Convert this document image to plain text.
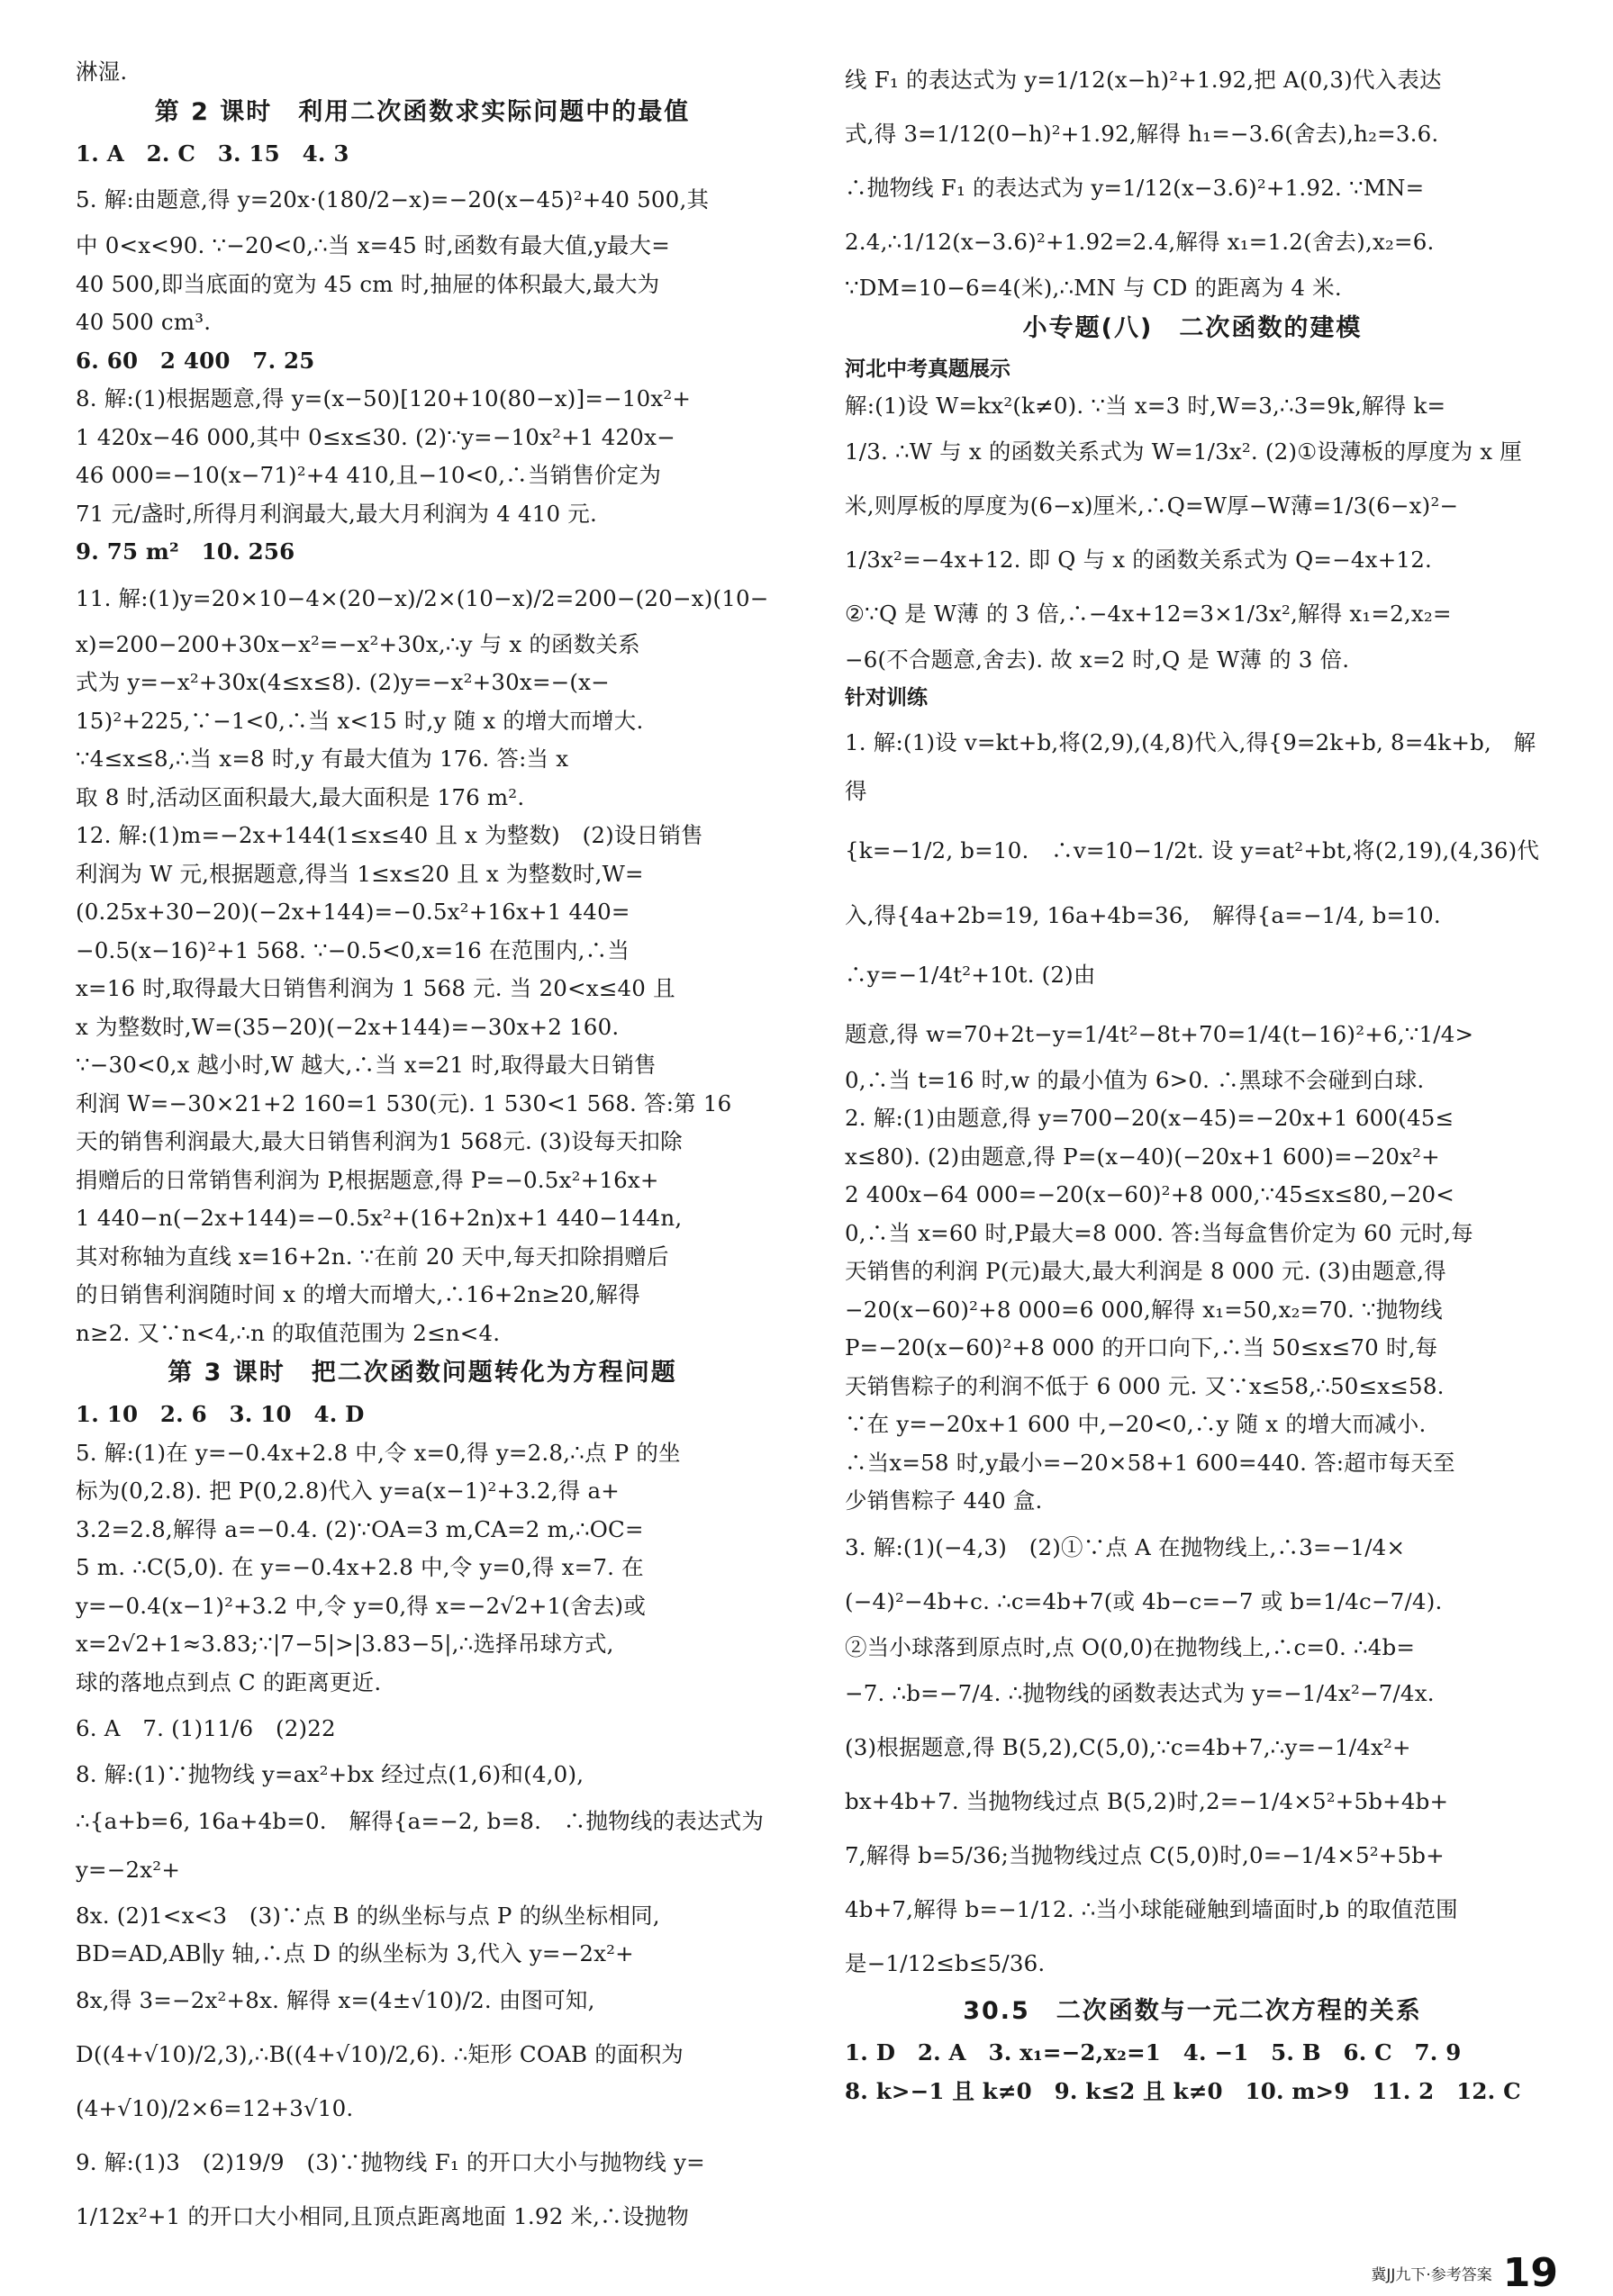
淋湿.
第 2 课时　利用二次函数求实际问题中的最值
1. A　2. C　3. 15　4. 3
5. 解:由题意,得 y=20x·(180/2−x)=−20(x−45)²+40 500,其
中 0<x<90. ∵−20<0,∴当 x=45 时,函数有最大值,y最大=
40 500,即当底面的宽为 45 cm 时,抽屉的体积最大,最大为
40 500 cm³.
6. 60　2 400　7. 25
8. 解:(1)根据题意,得 y=(x−50)[120+10(80−x)]=−10x²+
1 420x−46 000,其中 0≤x≤30. (2)∵y=−10x²+1 420x−
46 000=−10(x−71)²+4 410,且−10<0,∴当销售价定为
71 元/盏时,所得月利润最大,最大月利润为 4 410 元.
9. 75 m²　10. 256
11. 解:(1)y=20×10−4×(20−x)/2×(10−x)/2=200−(20−x)(10−
x)=200−200+30x−x²=−x²+30x,∴y 与 x 的函数关系
式为 y=−x²+30x(4≤x≤8). (2)y=−x²+30x=−(x−
15)²+225,∵−1<0,∴当 x<15 时,y 随 x 的增大而增大.
∵4≤x≤8,∴当 x=8 时,y 有最大值为 176. 答:当 x
取 8 时,活动区面积最大,最大面积是 176 m².
12. 解:(1)m=−2x+144(1≤x≤40 且 x 为整数)　(2)设日销售
利润为 W 元,根据题意,得当 1≤x≤20 且 x 为整数时,W=
(0.25x+30−20)(−2x+144)=−0.5x²+16x+1 440=
−0.5(x−16)²+1 568. ∵−0.5<0,x=16 在范围内,∴当
x=16 时,取得最大日销售利润为 1 568 元. 当 20<x≤40 且
x 为整数时,W=(35−20)(−2x+144)=−30x+2 160.
∵−30<0,x 越小时,W 越大,∴当 x=21 时,取得最大日销售
利润 W=−30×21+2 160=1 530(元). 1 530<1 568. 答:第 16
天的销售利润最大,最大日销售利润为1 568元. (3)设每天扣除
捐赠后的日常销售利润为 P,根据题意,得 P=−0.5x²+16x+
1 440−n(−2x+144)=−0.5x²+(16+2n)x+1 440−144n,
其对称轴为直线 x=16+2n. ∵在前 20 天中,每天扣除捐赠后
的日销售利润随时间 x 的增大而增大,∴16+2n≥20,解得
n≥2. 又∵n<4,∴n 的取值范围为 2≤n<4.
第 3 课时　把二次函数问题转化为方程问题
1. 10　2. 6　3. 10　4. D
5. 解:(1)在 y=−0.4x+2.8 中,令 x=0,得 y=2.8,∴点 P 的坐
标为(0,2.8). 把 P(0,2.8)代入 y=a(x−1)²+3.2,得 a+
3.2=2.8,解得 a=−0.4. (2)∵OA=3 m,CA=2 m,∴OC=
5 m. ∴C(5,0). 在 y=−0.4x+2.8 中,令 y=0,得 x=7. 在
y=−0.4(x−1)²+3.2 中,令 y=0,得 x=−2√2+1(舍去)或
x=2√2+1≈3.83;∵|7−5|>|3.83−5|,∴选择吊球方式,
球的落地点到点 C 的距离更近.
6. A　7. (1)11/6　(2)22
8. 解:(1)∵抛物线 y=ax²+bx 经过点(1,6)和(4,0),
∴{a+b=6, 16a+4b=0.　解得{a=−2, b=8.　∴抛物线的表达式为 y=−2x²+
8x. (2)1<x<3　(3)∵点 B 的纵坐标与点 P 的纵坐标相同,
BD=AD,AB∥y 轴,∴点 D 的纵坐标为 3,代入 y=−2x²+
8x,得 3=−2x²+8x. 解得 x=(4±√10)/2. 由图可知,
D((4+√10)/2,3),∴B((4+√10)/2,6). ∴矩形 COAB 的面积为
(4+√10)/2×6=12+3√10.
9. 解:(1)3　(2)19/9　(3)∵抛物线 F₁ 的开口大小与抛物线 y=
1/12x²+1 的开口大小相同,且顶点距离地面 1.92 米,∴设抛物
线 F₁ 的表达式为 y=1/12(x−h)²+1.92,把 A(0,3)代入表达
式,得 3=1/12(0−h)²+1.92,解得 h₁=−3.6(舍去),h₂=3.6.
∴抛物线 F₁ 的表达式为 y=1/12(x−3.6)²+1.92. ∵MN=
2.4,∴1/12(x−3.6)²+1.92=2.4,解得 x₁=1.2(舍去),x₂=6.
∵DM=10−6=4(米),∴MN 与 CD 的距离为 4 米.
小专题(八)　二次函数的建模
河北中考真题展示
解:(1)设 W=kx²(k≠0). ∵当 x=3 时,W=3,∴3=9k,解得 k=
1/3. ∴W 与 x 的函数关系式为 W=1/3x². (2)①设薄板的厚度为 x 厘
米,则厚板的厚度为(6−x)厘米,∴Q=W厚−W薄=1/3(6−x)²−
1/3x²=−4x+12. 即 Q 与 x 的函数关系式为 Q=−4x+12.
②∵Q 是 W薄 的 3 倍,∴−4x+12=3×1/3x²,解得 x₁=2,x₂=
−6(不合题意,舍去). 故 x=2 时,Q 是 W薄 的 3 倍.
针对训练
1. 解:(1)设 v=kt+b,将(2,9),(4,8)代入,得{9=2k+b, 8=4k+b,　解得
{k=−1/2, b=10.　∴v=10−1/2t. 设 y=at²+bt,将(2,19),(4,36)代
入,得{4a+2b=19, 16a+4b=36,　解得{a=−1/4, b=10.　∴y=−1/4t²+10t. (2)由
题意,得 w=70+2t−y=1/4t²−8t+70=1/4(t−16)²+6,∵1/4>
0,∴当 t=16 时,w 的最小值为 6>0. ∴黑球不会碰到白球.
2. 解:(1)由题意,得 y=700−20(x−45)=−20x+1 600(45≤
x≤80). (2)由题意,得 P=(x−40)(−20x+1 600)=−20x²+
2 400x−64 000=−20(x−60)²+8 000,∵45≤x≤80,−20<
0,∴当 x=60 时,P最大=8 000. 答:当每盒售价定为 60 元时,每
天销售的利润 P(元)最大,最大利润是 8 000 元. (3)由题意,得
−20(x−60)²+8 000=6 000,解得 x₁=50,x₂=70. ∵抛物线
P=−20(x−60)²+8 000 的开口向下,∴当 50≤x≤70 时,每
天销售粽子的利润不低于 6 000 元. 又∵x≤58,∴50≤x≤58.
∵在 y=−20x+1 600 中,−20<0,∴y 随 x 的增大而减小.
∴当x=58 时,y最小=−20×58+1 600=440. 答:超市每天至
少销售粽子 440 盒.
3. 解:(1)(−4,3)　(2)①∵点 A 在抛物线上,∴3=−1/4×
(−4)²−4b+c. ∴c=4b+7(或 4b−c=−7 或 b=1/4c−7/4).
②当小球落到原点时,点 O(0,0)在抛物线上,∴c=0. ∴4b=
−7. ∴b=−7/4. ∴抛物线的函数表达式为 y=−1/4x²−7/4x.
(3)根据题意,得 B(5,2),C(5,0),∵c=4b+7,∴y=−1/4x²+
bx+4b+7. 当抛物线过点 B(5,2)时,2=−1/4×5²+5b+4b+
7,解得 b=5/36;当抛物线过点 C(5,0)时,0=−1/4×5²+5b+
4b+7,解得 b=−1/12. ∴当小球能碰触到墙面时,b 的取值范围
是−1/12≤b≤5/36.
30.5　二次函数与一元二次方程的关系
1. D　2. A　3. x₁=−2,x₂=1　4. −1　5. B　6. C　7. 9
8. k>−1 且 k≠0　9. k≤2 且 k≠0　10. m>9　11. 2　12. C
冀JJ九下·参考答案 19
